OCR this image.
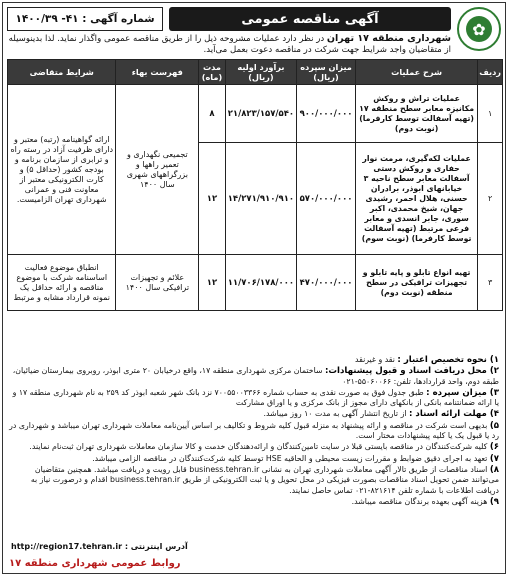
✿
آگهی مناقصه عمومی
شماره آگهی : ۴۱- ۱۴۰۰/۳۹
شهرداری منطقه ۱۷ تهران در نظر دارد عملیات مشروحه ذیل را از طریق مناقصه عمومی واگذار نماید. لذا بدینوسیله از متقاضیان واجد شرایط جهت شرکت در مناقصه دعوت بعمل می‌آید.
ردیف	شرح عملیات	میزان سپرده (ریال)	برآورد اولیه (ریال)	مدت (ماه)	فهرست بهاء	شرایط متقاضی
۱	عملیات تراش و روکش مکانیزه معابر سطح منطقه ۱۷ (تهیه آسفالت توسط کارفرما) (نوبت دوم)	۹۰۰/۰۰۰/۰۰۰	۲۱/۸۲۳/۱۵۷/۵۴۰	۸	تجمیعی نگهداری و تعمیر راهها و بزرگراههای شهری سال ۱۴۰۰	ارائه گواهینامه (رتبه) معتبر و دارای ظرفیت آزاد در رسته راه و ترابری از سازمان برنامه و بودجه کشور (حداقل ۵) و کارت الکترونیکی معتبر از معاونت فنی و عمرانی شهرداری تهران الزامیست.
۲	عملیات لکه‌گیری، مرمت نوار حفاری و روکش دستی آسفالت معابر سطح ناحیه ۳ خیابانهای ابوذر، برادران حسنی، هلال احمر، رشیدی جهان، شیخ محمدی، اکبر سوری، جابر انسدی و معابر فرعی مرتبط (تهیه آسفالت توسط کارفرما) (نوبت سوم)	۵۷۰/۰۰۰/۰۰۰	۱۴/۲۷۱/۹۱۰/۹۱۰	۱۲		
۳	تهیه انواع تابلو و پایه تابلو و تجهیزات ترافیکی در سطح منطقه (نوبت دوم)	۴۷۰/۰۰۰/۰۰۰	۱۱/۷۰۶/۱۷۸/۰۰۰	۱۲	علائم و تجهیزات ترافیکی سال ۱۴۰۰	انطباق موضوع فعالیت اساسنامه شرکت با موضوع مناقصه و ارائه حداقل یک نمونه قرارداد مشابه و مرتبط

۱) نحوه تخصیص اعتبار : نقد و غیرنقد

۲) محل دریافت اسناد و قبول پیشنهادات: ساختمان مرکزی شهرداری منطقه ۱۷، واقع درخیابان ۲۰ متری ابوذر، روبروی بیمارستان ضیائیان، طبقه دوم، واحد قراردادها، تلفن: ۵۵۰۶۰۰۶۶-۰۲۱

۳) میزان سپرده : طبق جدول فوق به صورت نقدی به حساب شماره ۷۰۰۵۵۰۰۳۳۶۶ نزد بانک شهر شعبه ابوذر کد ۲۵۹ به نام شهرداری منطقه ۱۷ و یا ارائه ضمانتنامه بانکی از بانکهای دارای مجوز از بانک مرکزی و یا اوراق مشارکت

۴) مهلت ارائه اسناد : از تاریخ انتشار آگهی به مدت ۱۰ روز میباشد.

۵) بدیهی است شرکت در مناقصه و ارائه پیشنهاد به منزله قبول کلیه شروط و تکالیف بر اساس آیین‌نامه معاملات شهرداری تهران میباشد و شهرداری در رد یا قبول یک یا کلیه پیشنهادات مختار است.

۶) کلیه شرکت‌کنندگان در مناقصه بایستی قبلا در سایت تامین‌کنندگان و ارائه‌دهندگان خدمت و کالا سازمان معاملات شهرداری تهران ثبت‌نام نمایند.

۷) تعهد به اجرای دقیق ضوابط و مقررات زیست محیطی و الحاقیه HSE توسط کلیه شرکت‌کنندگان در مناقصه الزامی میباشد.

۸) اسناد مناقصات از طریق تالار آگهی معاملات شهرداری تهران به نشانی business.tehran.ir قابل رویت و دریافت میباشد. همچنین متقاضیان می‌توانند ضمن تحویل اسناد مناقصات بصورت فیزیکی در محل تحویل و یا ثبت الکترونیکی از طریق business.tehran.ir اقدام و درصورت نیاز به دریافت اطلاعات با شماره تلفن ۸۲۱۶۱۴-۰۲۱ تماس حاصل نمایند.

۹) هزینه آگهی بعهده برندگان مناقصه میباشد.

آدرس اینترنتی : http://region17.tehran.ir
روابط عمومی شهرداری منطقه ۱۷
